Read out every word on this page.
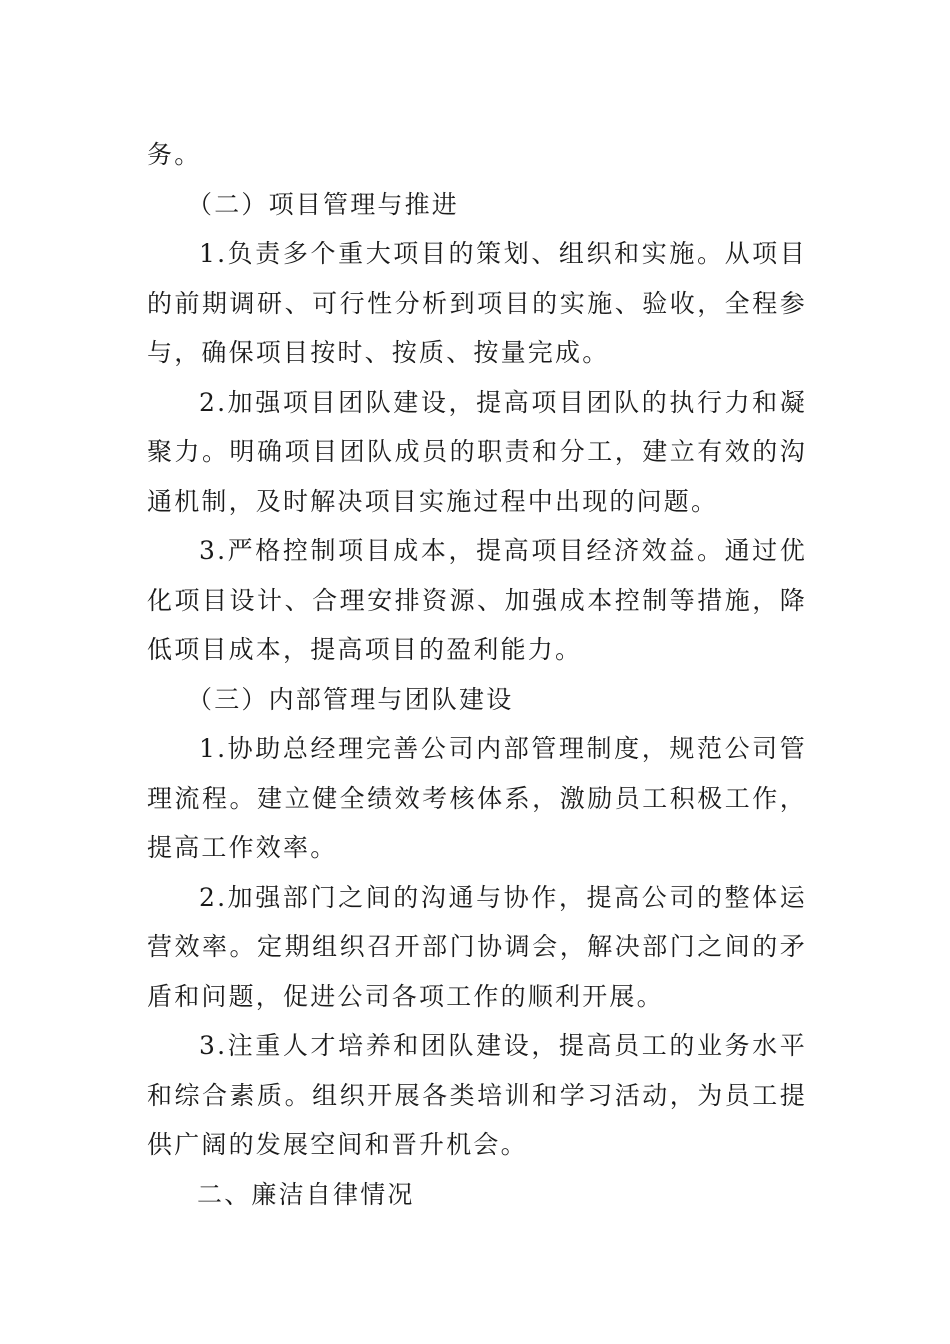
务。

（二）项目管理与推进

1.负责多个重大项目的策划、组织和实施。从项目的前期调研、可行性分析到项目的实施、验收，全程参与，确保项目按时、按质、按量完成。

2.加强项目团队建设，提高项目团队的执行力和凝聚力。明确项目团队成员的职责和分工，建立有效的沟通机制，及时解决项目实施过程中出现的问题。

3.严格控制项目成本，提高项目经济效益。通过优化项目设计、合理安排资源、加强成本控制等措施，降低项目成本，提高项目的盈利能力。

（三）内部管理与团队建设

1.协助总经理完善公司内部管理制度，规范公司管理流程。建立健全绩效考核体系，激励员工积极工作，提高工作效率。

2.加强部门之间的沟通与协作，提高公司的整体运营效率。定期组织召开部门协调会，解决部门之间的矛盾和问题，促进公司各项工作的顺利开展。

3.注重人才培养和团队建设，提高员工的业务水平和综合素质。组织开展各类培训和学习活动，为员工提供广阔的发展空间和晋升机会。

二、廉洁自律情况
